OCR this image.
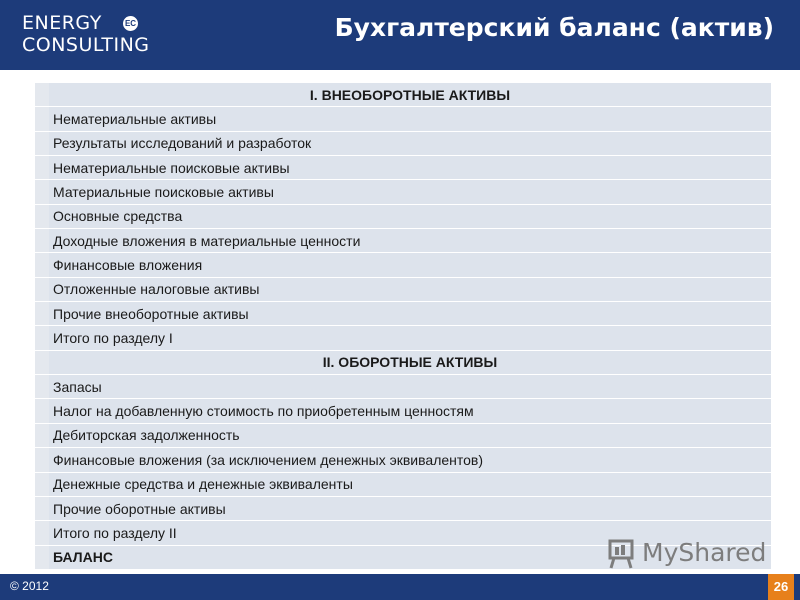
ENERGY
CONSULTING
EC	Бухгалтерский баланс (актив)
	I. ВНЕОБОРОТНЫЕ АКТИВЫ
	Нематериальные активы
	Результаты исследований и разработок
	Нематериальные поисковые активы
	Материальные поисковые активы
	Основные средства
	Доходные вложения в материальные ценности
	Финансовые вложения
	Отложенные налоговые активы
	Прочие внеоборотные активы
	Итого по разделу I
	II. ОБОРОТНЫЕ АКТИВЫ
	Запасы
	Налог на добавленную стоимость по приобретенным ценностям
	Дебиторская задолженность
	Финансовые вложения (за исключением денежных эквивалентов)
	Денежные средства и денежные эквиваленты
	Прочие оборотные активы
	Итого по разделу II
	БАЛАНС	MyShared
© 2012	26
